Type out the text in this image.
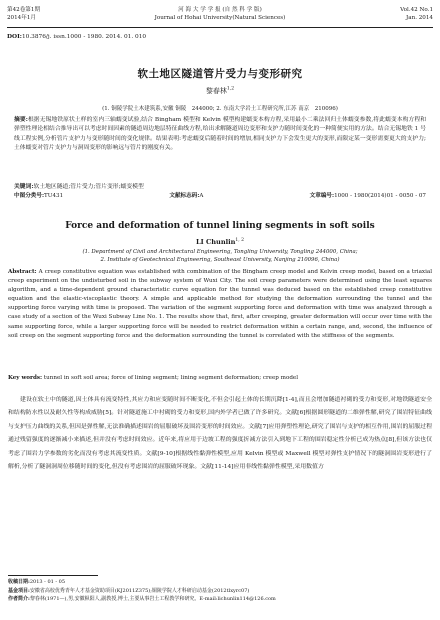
第42卷第1期	河 海 大 学 学 报 (自 然 科 学 版)	Vol.42 No.1
2014年1月	Journal of Hohai University(Natural Sciences)	Jan. 2014
DOI:10.3876/j. issn.1000 - 1980. 2014. 01. 010
软土地区隧道管片受力与变形研究
黎春林$^{1,2}$
(1. 铜陵学院土木建筑系,安徽 铜陵　244000; 2. 东南大学岩土工程研究所,江苏 南京　210096)
摘要:根据无锡地铁原状土样的室内三轴蠕变试验,结合 Bingham 模型和 Kelvin 模型构建蠕变本构方程,采用最小二乘法回归土体蠕变参数,将此蠕变本构方程和弹塑性理论相结合推导出可以考虑时间因素的隧道周边地层特征曲线方程,给出求解隧道周边变形和支护力随时间变化的一种简便实用的方法。结合无锡地铁 1 号线工程实例,分析管片支护力与变形随时间的变化规律。结果表明:考虑蠕变后随着时间的增加,相同支护力下会发生更大的变形,而限定某一变形需要更大的支护力;土体蠕变对管片支护力与洞周变形的影响远与管片的刚度有关。
关键词:软土地区隧道;管片受力;管片变形;蠕变模型
中图分类号:TU431	文献标志码:A	文章编号:1000 - 1980(2014)01 - 0050 - 07
Force and deformation of tunnel lining segments in soft soils
LI Chunlin$^{1, 2}$
(1. Department of Civil and Architectural Engineering, Tongling University, Tongling 244000, China;
2. Institute of Geotechnical Engineering, Southeast University, Nanjing 210096, China)
Abstract: A creep constitutive equation was established with combination of the Bingham creep model and Kelvin creep model, based on a triaxial creep experiment on the undisturbed soil in the subway system of Wuxi City. The soil creep parameters were determined using the least squares algorithm, and a time-dependent ground characteristic curve equation for the tunnel was deduced based on the established creep constitutive equation and the elastic-viscoplastic theory. A simple and applicable method for studying the deformation surrounding the tunnel and the supporting force varying with time is proposed. The variation of the segment supporting force and deformation with time was analyzed through a case study of a section of the Wuxi Subway Line No. 1. The results show that, first, after creeping, greater deformation will occur over time with the same supporting force, while a larger supporting force will be needed to restrict deformation within a certain range, and, second, the influence of soil creep on the segment supporting force and the deformation surrounding the tunnel is correlated with the stiffness of the segments.
Key words: tunnel in soft soil area; force of lining segment; lining segment deformation; creep model
建设在软土中的隧道,因土体具有流变特性,其应力和应变随时间不断变化,不但会引起土体的长期沉降[1-4],而且会增加隧道衬砌的受力和变形,对地铁隧道安全和结构防水性以及耐久性等构成威胁[5]。针对隧道施工中衬砌的受力和变形,国内外学者已做了许多研究。文献[6]根据圆形隧道的二维弹性解,研究了围岩特征曲线与支护压力曲线的关系,但因是弹性解,无法准确描述围岩的屈服破坏及围岩变形的时间效应。文献[7]应用弹塑性理论,研究了围岩与支护的相互作用,围岩的屈服过程通过残留强度的逐渐减小来描述,但并没有考虑时间效应。近年来,将应用于边坡工程的强度折减方法引入到地下工程的围岩稳定性分析已成为热点[8],但该方法也仅考虑了围岩力学参数的劣化而没有考虑其流变性质。文献[9-10]根据线性黏弹性模型,应用 Kelvin 模型或 Maxwell 模型对弹性支护情况下的隧洞围岩变形进行了解析,分析了隧洞洞周位移随时间的变化,但没有考虑围岩的屈服破坏现象。文献[11-14]应用非线性黏弹性模型,采用数值方
收稿日期:2013 - 01 - 05
基金项目:安徽省高校优秀青年人才基金资助项目(KJ2011Z375);铜陵学院人才科研启动基金(2012tlxyrc07)
作者简介:黎春林(1971—),男,安徽枞阳人,副教授,博士,主要从事岩土工程教学和研究。E-mail:lichunlin114@126.com
